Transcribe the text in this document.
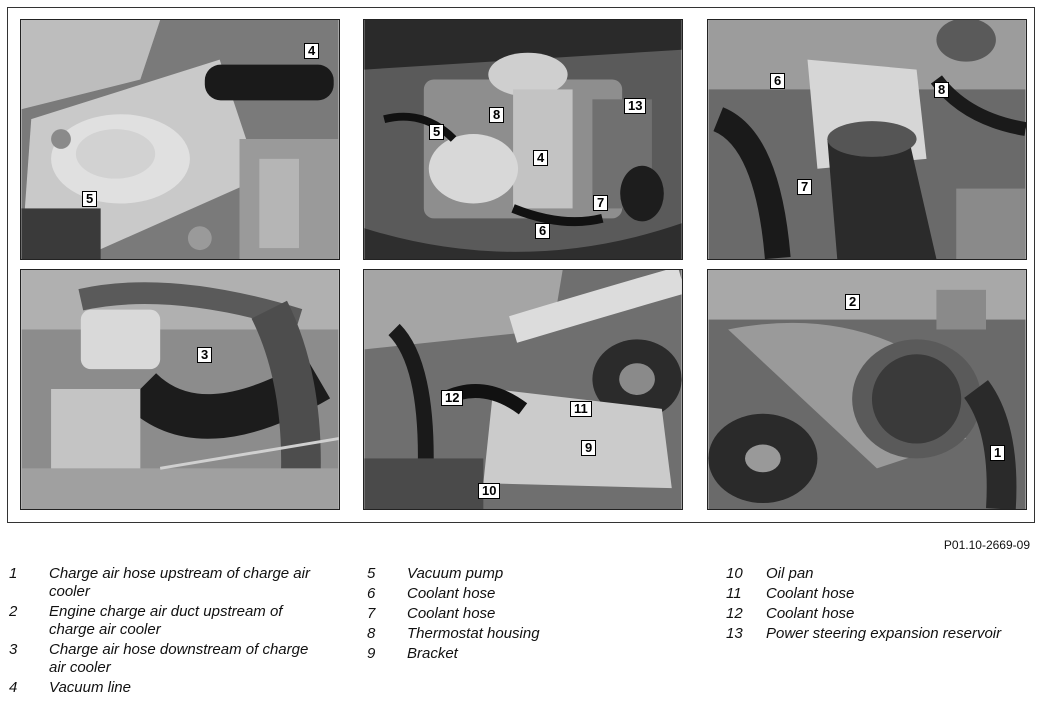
4
5
5
8
4
13
7
6
6
8
7
3
12
11
9
10
2
1
P01.10-2669-09
1 Charge air hose upstream of charge air cooler
2 Engine charge air duct upstream of charge air cooler
3 Charge air hose downstream of charge air cooler
4 Vacuum line
5 Vacuum pump
6 Coolant hose
7 Coolant hose
8 Thermostat housing
9 Bracket
10 Oil pan
11 Coolant hose
12 Coolant hose
13 Power steering expansion reservoir
